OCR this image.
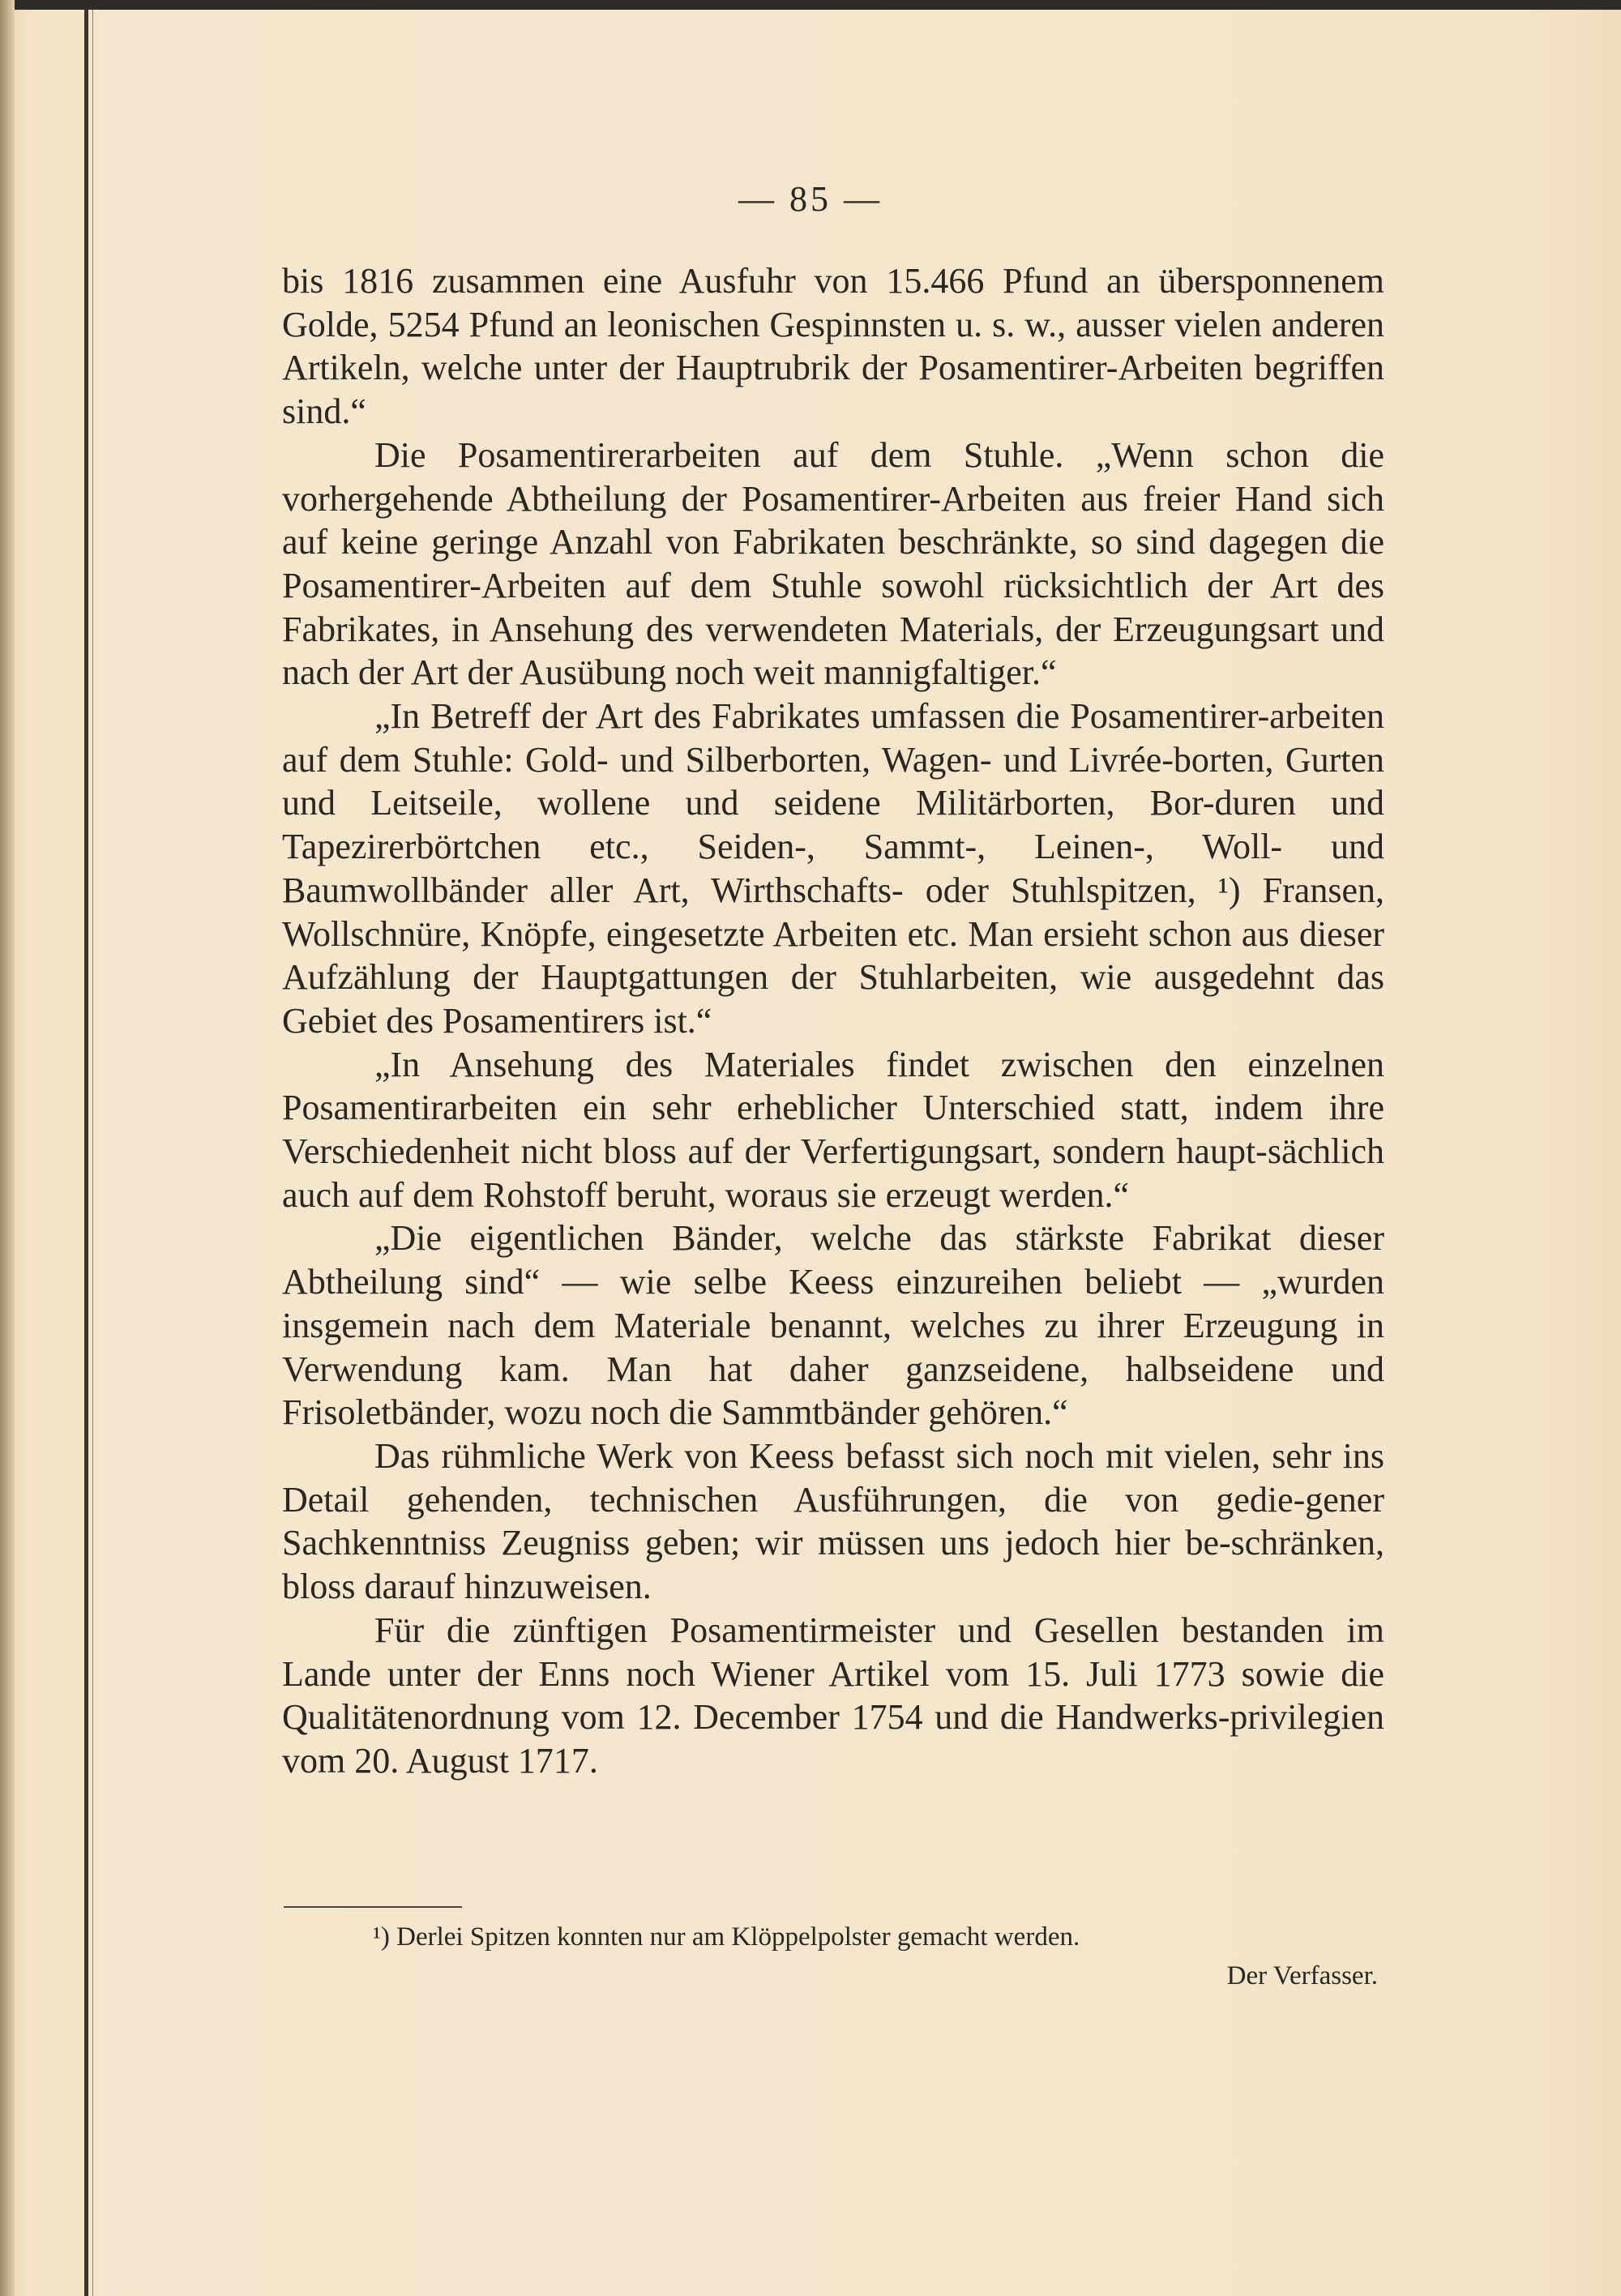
— 85 —

bis 1816 zusammen eine Ausfuhr von 15.466 Pfund an übersponnenem Golde, 5254 Pfund an leonischen Gespinnsten u. s. w., ausser vielen anderen Artikeln, welche unter der Hauptrubrik der Posamentirer-Arbeiten begriffen sind.“

Die Posamentirerarbeiten auf dem Stuhle. „Wenn schon die vorhergehende Abtheilung der Posamentirer-Arbeiten aus freier Hand sich auf keine geringe Anzahl von Fabrikaten beschränkte, so sind dagegen die Posamentirer-Arbeiten auf dem Stuhle sowohl rücksichtlich der Art des Fabrikates, in Ansehung des verwendeten Materials, der Erzeugungsart und nach der Art der Ausübung noch weit mannigfaltiger.“

„In Betreff der Art des Fabrikates umfassen die Posamentirer-arbeiten auf dem Stuhle: Gold- und Silberborten, Wagen- und Livrée-borten, Gurten und Leitseile, wollene und seidene Militärborten, Bor-duren und Tapezirerbörtchen etc., Seiden-, Sammt-, Leinen-, Woll- und Baumwollbänder aller Art, Wirthschafts- oder Stuhlspitzen, ¹) Fransen, Wollschnüre, Knöpfe, eingesetzte Arbeiten etc. Man ersieht schon aus dieser Aufzählung der Hauptgattungen der Stuhlarbeiten, wie ausgedehnt das Gebiet des Posamentirers ist.“

„In Ansehung des Materiales findet zwischen den einzelnen Posamentirarbeiten ein sehr erheblicher Unterschied statt, indem ihre Verschiedenheit nicht bloss auf der Verfertigungsart, sondern haupt-sächlich auch auf dem Rohstoff beruht, woraus sie erzeugt werden.“

„Die eigentlichen Bänder, welche das stärkste Fabrikat dieser Abtheilung sind“ — wie selbe Keess einzureihen beliebt — „wurden insgemein nach dem Materiale benannt, welches zu ihrer Erzeugung in Verwendung kam. Man hat daher ganzseidene, halbseidene und Frisoletbänder, wozu noch die Sammtbänder gehören.“

Das rühmliche Werk von Keess befasst sich noch mit vielen, sehr ins Detail gehenden, technischen Ausführungen, die von gedie-gener Sachkenntniss Zeugniss geben; wir müssen uns jedoch hier be-schränken, bloss darauf hinzuweisen.

Für die zünftigen Posamentirmeister und Gesellen bestanden im Lande unter der Enns noch Wiener Artikel vom 15. Juli 1773 sowie die Qualitätenordnung vom 12. December 1754 und die Handwerks-privilegien vom 20. August 1717.

¹) Derlei Spitzen konnten nur am Klöppelpolster gemacht werden.
Der Verfasser.
